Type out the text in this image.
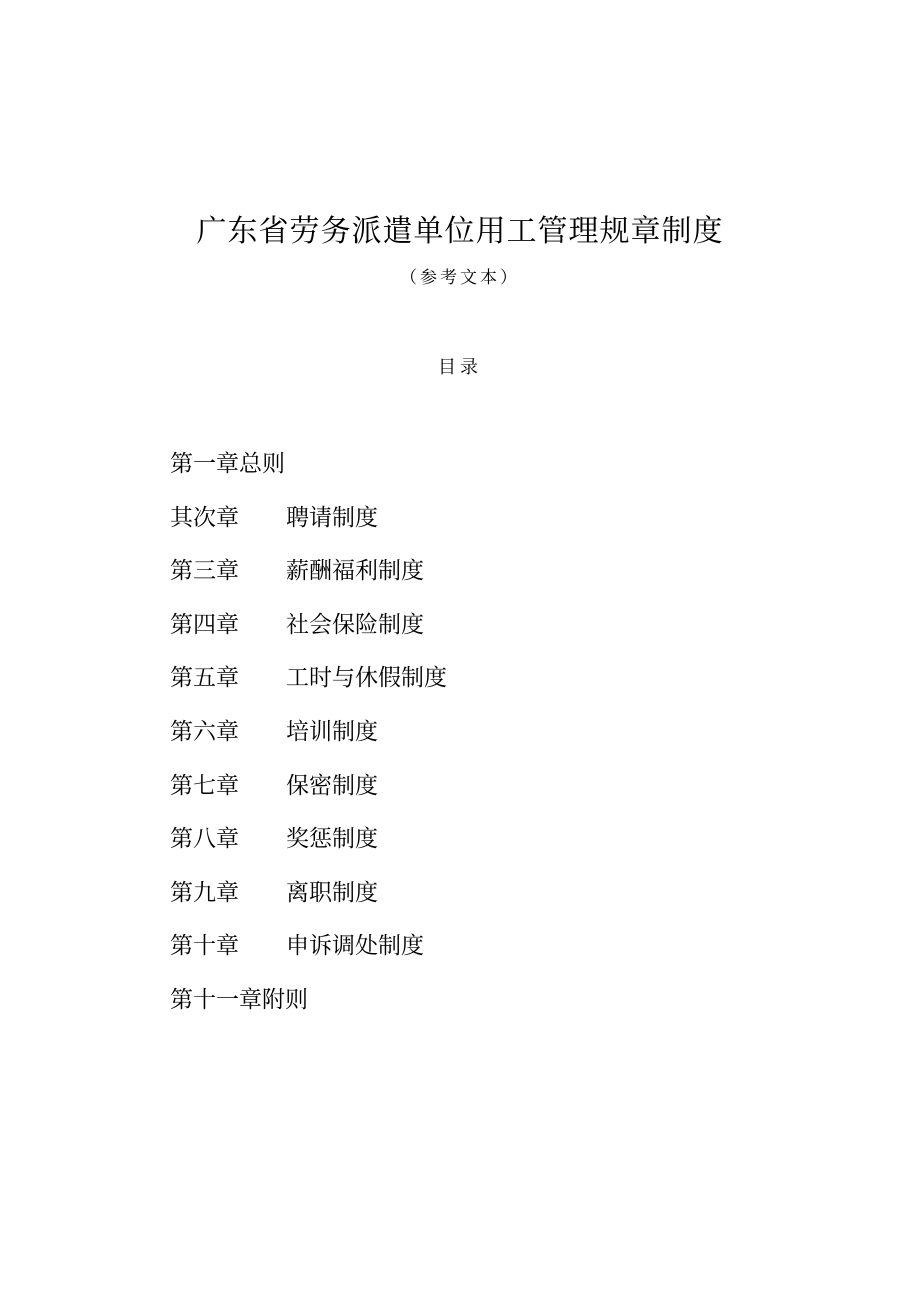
广东省劳务派遣单位用工管理规章制度
（参考文本）
目录
第一章总则
其次章 聘请制度
第三章 薪酬福利制度
第四章 社会保险制度
第五章 工时与休假制度
第六章 培训制度
第七章 保密制度
第八章 奖惩制度
第九章 离职制度
第十章 申诉调处制度
第十一章附则
